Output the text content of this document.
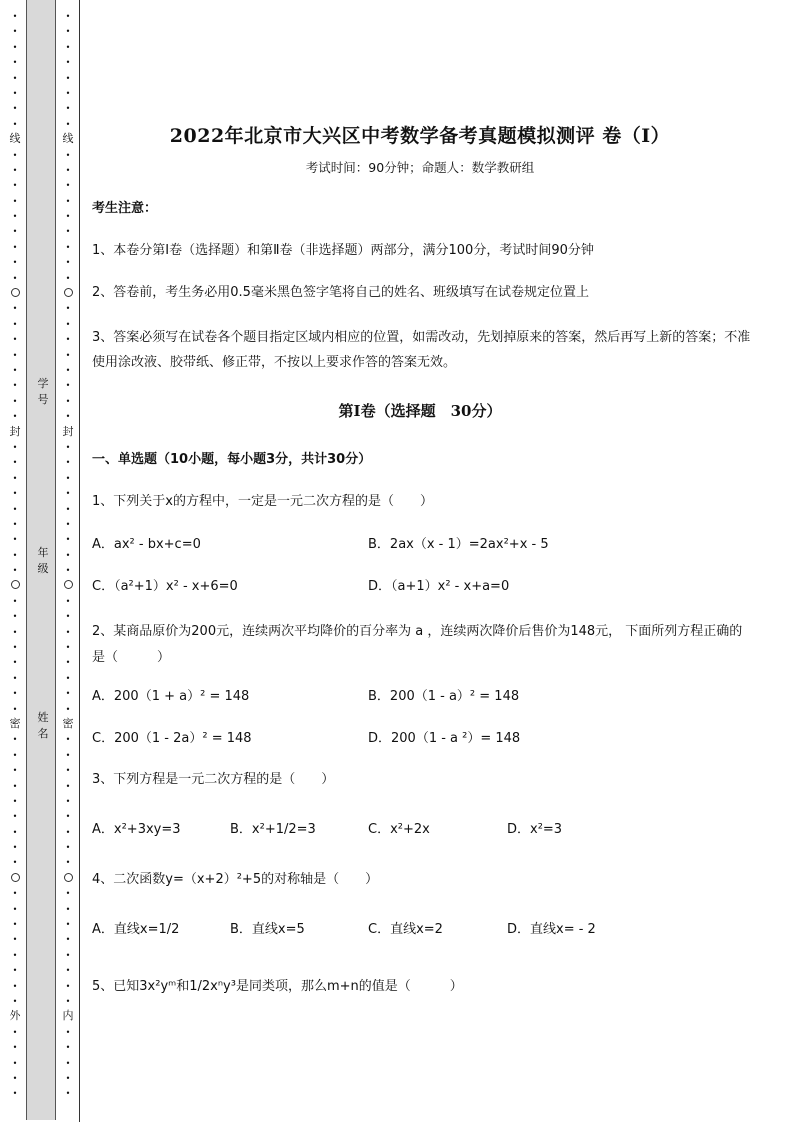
•
•
•
•
•
•
•
•
线
•
•
•
•
•
•
•
•
•
•
•
•
•
•
•
•
•
封
•
•
•
•
•
•
•
•
•
•
•
•
•
•
•
•
•
密
•
•
•
•
•
•
•
•
•
•
•
•
•
•
•
•
•
外
•
•
•
•
•
•
•
•
•
•
•
•
•
线
•
•
•
•
•
•
•
•
•
•
•
•
•
•
•
•
•
封
•
•
•
•
•
•
•
•
•
•
•
•
•
•
•
•
•
密
•
•
•
•
•
•
•
•
•
•
•
•
•
•
•
•
•
内
•
•
•
•
•
学号
年级
姓名
2022年北京市大兴区中考数学备考真题模拟测评 卷（Ⅰ）
考试时间：90分钟；命题人：数学教研组
考生注意：
1、本卷分第Ⅰ卷（选择题）和第Ⅱ卷（非选择题）两部分，满分100分，考试时间90分钟
2、答卷前，考生务必用0.5毫米黑色签字笔将自己的姓名、班级填写在试卷规定位置上
3、答案必须写在试卷各个题目指定区域内相应的位置，如需改动，先划掉原来的答案，然后再写上新的答案；不准使用涂改液、胶带纸、修正带，不按以上要求作答的答案无效。
第Ⅰ卷（选择题　30分）
一、单选题（10小题，每小题3分，共计30分）
1、下列关于x的方程中，一定是一元二次方程的是（　　）
A．ax² - bx+c=0	B．2ax（x - 1）=2ax²+x - 5
C．（a²+1）x² - x+6=0	D．（a+1）x² - x+a=0
2、某商品原价为200元，连续两次平均降价的百分率为 a ，连续两次降价后售价为148元， 下面所列方程正确的是（　　　）
A．200（1 + a）² = 148	B．200（1 - a）² = 148
C．200（1 - 2a）² = 148	D．200（1 - a ²）= 148
3、下列方程是一元二次方程的是（　　）
A．x²+3xy=3	B．x²+1/2=3	C．x²+2x	D．x²=3
4、二次函数y=（x+2）²+5的对称轴是（　　）
A．直线x=1/2	B．直线x=5	C．直线x=2	D．直线x= - 2
5、已知3x²yᵐ和1/2xⁿy³是同类项，那么m+n的值是（　　　）
